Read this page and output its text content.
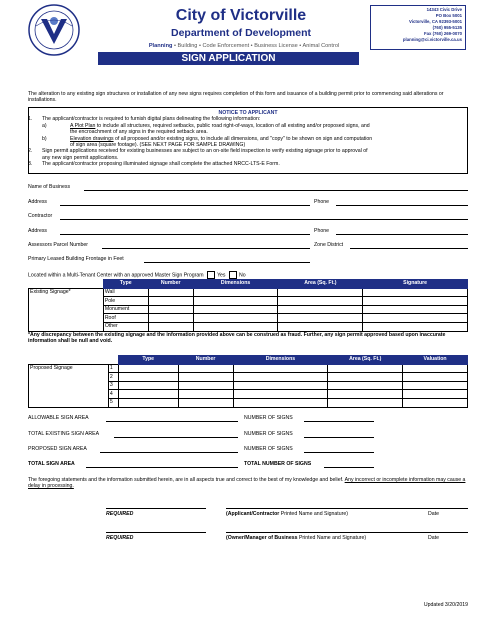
City of Victorville
Department of Development
Planning • Building • Code Enforcement • Business License • Animal Control
SIGN APPLICATION
14343 Civic Drive
PO Box 5001
Victorville, CA 92393-5001
(760) 955-5135
Fax (760) 269-0070
planning@ci.victorville.ca.us
The alteration to any existing sign structures or installation of any new signs requires completion of this form and issuance of a building permit prior to commencing said alterations or installations.
NOTICE TO APPLICANT
1.	The applicant/contractor is required to furnish digital plans delineating the following information:
a)	A Plot Plan to include all structures, required setbacks, public road right-of-ways, location of all existing and/or proposed signs, and
the encroachment of any signs in the required setback area.
b)	Elevation drawings of all proposed and/or existing signs, to include all dimensions, and "copy" to be shown on sign and computation
of sign area (square footage). (SEE NEXT PAGE FOR SAMPLE DRAWING)
2.	Sign permit applications received for existing businesses are subject to an on-site field inspection to verify existing signage prior to approval of
any new sign permit applications.
3.	The applicant/contractor proposing illuminated signage shall complete the attached NRCC-LTS-E Form.
Name of Business
Address	Phone
Contractor
Address	Phone
Assessors Parcel Number	Zone District
Primary Leased Building Frontage in Feet
Located within a Multi-Tenant Center with an approved Master Sign Program	Yes	No
	Type	Number	Dimensions	Area (Sq. Ft.)	Signature
Existing Signage*	Wall				
	Pole				
	Monument				
	Roof				
	Other				
*Any discrepancy between the existing signage and the information provided above can be construed as fraud. Further, any sign permit approved based upon inaccurate information shall be null and void.
		Type	Number	Dimensions	Area (Sq. Ft.)	Valuation
Proposed Signage	1					
	2					
	3					
	4					
	5					
ALLOWABLE SIGN AREA	NUMBER OF SIGNS
TOTAL EXISTING SIGN AREA	NUMBER OF SIGNS
PROPOSED SIGN AREA	NUMBER OF SIGNS
TOTAL SIGN AREA	TOTAL NUMBER OF SIGNS
The foregoing statements and the information submitted herein, are in all aspects true and correct to the best of my knowledge and belief. Any incorrect or incomplete information may cause a delay in processing.
REQUIRED	(Applicant/Contractor Printed Name and Signature)	Date
REQUIRED	(Owner/Manager of Business Printed Name and Signature)	Date
Updated 3/20/2019
